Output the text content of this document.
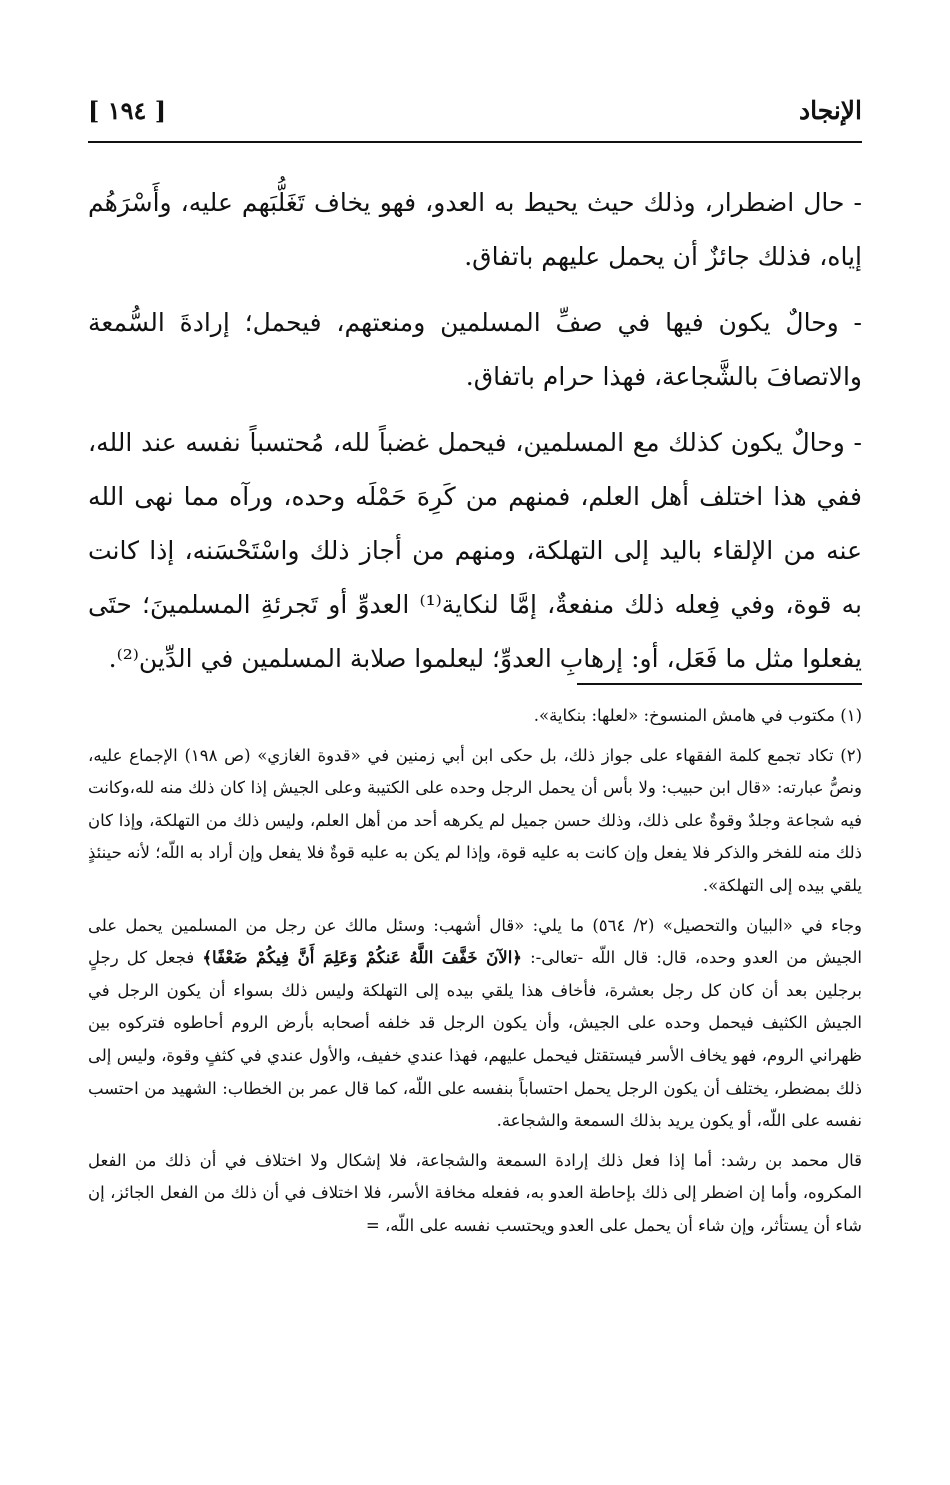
الإنجاد
[ ١٩٤ ]

- حال اضطرار، وذلك حيث يحيط به العدو، فهو يخاف تَغَلُّبَهم عليه، وأَسْرَهُم إياه، فذلك جائزٌ أن يحمل عليهم باتفاق.

- وحالٌ يكون فيها في صفِّ المسلمين ومنعتهم، فيحمل؛ إرادةَ السُّمعة والاتصافَ بالشَّجاعة، فهذا حرام باتفاق.

- وحالٌ يكون كذلك مع المسلمين، فيحمل غضباً لله، مُحتسباً نفسه عند الله، ففي هذا اختلف أهل العلم، فمنهم من كَرِهَ حَمْلَه وحده، ورآه مما نهى الله عنه من الإلقاء باليد إلى التهلكة، ومنهم من أجاز ذلك واسْتَحْسَنه، إذا كانت به قوة، وفي فِعله ذلك منفعةٌ، إمَّا لنكاية⁽¹⁾ العدوِّ أو تَجرئةِ المسلمينَ؛ حتَى يفعلوا مثل ما فَعَل، أو: إرهابِ العدوِّ؛ ليعلموا صلابة المسلمين في الدِّين⁽²⁾.

(١) مكتوب في هامش المنسوخ: «لعلها: بنكاية».

(٢) تكاد تجمع كلمة الفقهاء على جواز ذلك، بل حكى ابن أبي زمنين في «قدوة الغازي» (ص ١٩٨) الإجماع عليه، ونصُّ عبارته: «قال ابن حبيب: ولا بأس أن يحمل الرجل وحده على الكتيبة وعلى الجيش إذا كان ذلك منه لله،وكانت فيه شجاعة وجلدٌ وقوةٌ على ذلك، وذلك حسن جميل لم يكرهه أحد من أهل العلم، وليس ذلك من التهلكة، وإذا كان ذلك منه للفخر والذكر فلا يفعل وإن كانت به عليه قوة، وإذا لم يكن به عليه قوةٌ فلا يفعل وإن أراد به اللّه؛ لأنه حينئذٍ يلقي بيده إلى التهلكة».

وجاء في «البيان والتحصيل» (٢/ ٥٦٤) ما يلي: «قال أشهب: وسئل مالك عن رجل من المسلمين يحمل على الجيش من العدو وحده، قال: قال اللّه -تعالى-: ﴿الآنَ خَفَّفَ اللَّهُ عَنكُمْ وَعَلِمَ أَنَّ فِيكُمْ ضَعْفًا﴾ فجعل كل رجلٍ برجلين بعد أن كان كل رجل بعشرة، فأخاف هذا يلقي بيده إلى التهلكة وليس ذلك بسواء أن يكون الرجل في الجيش الكثيف فيحمل وحده على الجيش، وأن يكون الرجل قد خلفه أصحابه بأرض الروم أحاطوه فتركوه بين ظهراني الروم، فهو يخاف الأسر فيستقتل فيحمل عليهم، فهذا عندي خفيف، والأول عندي في كثفٍ وقوة، وليس إلى ذلك بمضطر، يختلف أن يكون الرجل يحمل احتساباً بنفسه على اللّه، كما قال عمر بن الخطاب: الشهيد من احتسب نفسه على اللّه، أو يكون يريد بذلك السمعة والشجاعة.

قال محمد بن رشد: أما إذا فعل ذلك إرادة السمعة والشجاعة، فلا إشكال ولا اختلاف في أن ذلك من الفعل المكروه، وأما إن اضطر إلى ذلك بإحاطة العدو به، ففعله مخافة الأسر، فلا اختلاف في أن ذلك من الفعل الجائز، إن شاء أن يستأثر، وإن شاء أن يحمل على العدو ويحتسب نفسه على اللّه، =
